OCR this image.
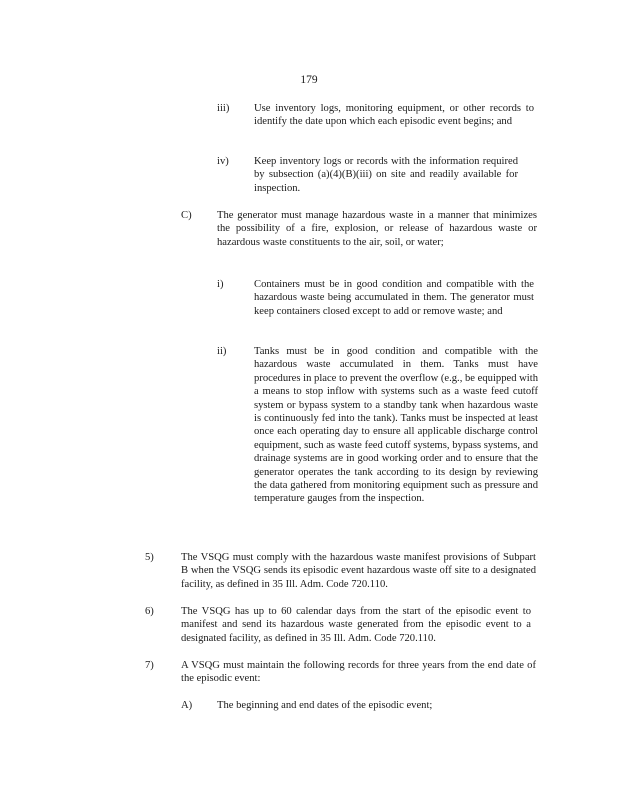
179
iii) Use inventory logs, monitoring equipment, or other records to identify the date upon which each episodic event begins; and

iv) Keep inventory logs or records with the information required by subsection (a)(4)(B)(iii) on site and readily available for inspection.

C) The generator must manage hazardous waste in a manner that minimizes the possibility of a fire, explosion, or release of hazardous waste or hazardous waste constituents to the air, soil, or water;

i)	Containers must be in good condition and compatible with the hazardous waste being accumulated in them. The generator must keep containers closed except to add or remove waste; and

ii)	Tanks must be in good condition and compatible with the hazardous waste accumulated in them. Tanks must have procedures in place to prevent the overflow (e.g., be equipped with a means to stop inflow with systems such as a waste feed cutoff system or bypass system to a standby tank when hazardous waste is continuously fed into the tank). Tanks must be inspected at least once each operating day to ensure all applicable discharge control equipment, such as waste feed cutoff systems, bypass systems, and drainage systems are in good working order and to ensure that the generator operates the tank according to its design by reviewing the data gathered from monitoring equipment such as pressure and temperature gauges from the inspection.

5)	The VSQG must comply with the hazardous waste manifest provisions of Subpart B when the VSQG sends its episodic event hazardous waste off site to a designated facility, as defined in 35 Ill. Adm. Code 720.110.

6)	The VSQG has up to 60 calendar days from the start of the episodic event to manifest and send its hazardous waste generated from the episodic event to a designated facility, as defined in 35 Ill. Adm. Code 720.110.

7)	A VSQG must maintain the following records for three years from the end date of the episodic event:

A) The beginning and end dates of the episodic event;
